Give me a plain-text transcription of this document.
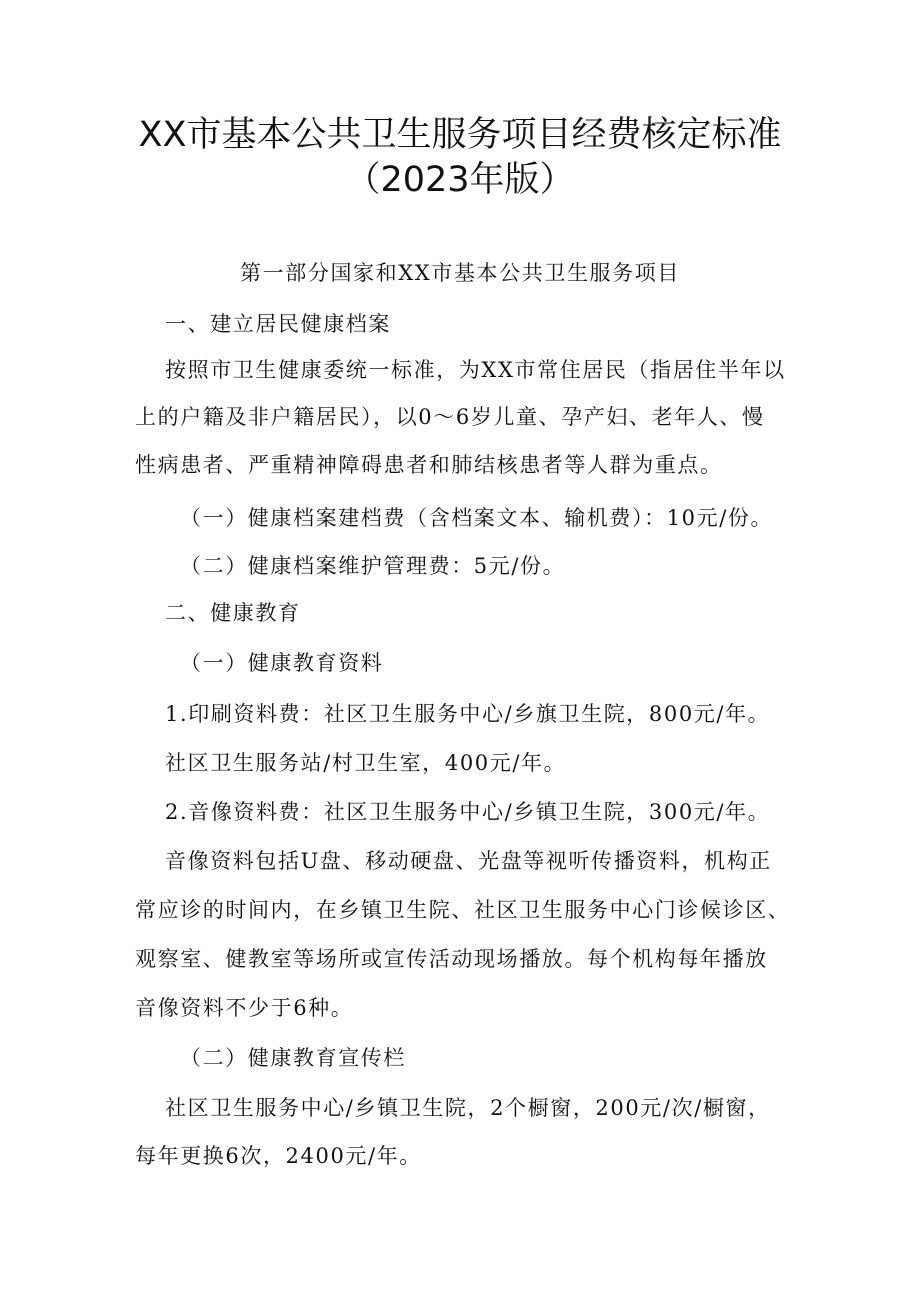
XX市基本公共卫生服务项目经费核定标准
（2023年版）
第一部分国家和XX市基本公共卫生服务项目
一、建立居民健康档案
按照市卫生健康委统一标准，为XX市常住居民（指居住半年以
上的户籍及非户籍居民），以0～6岁儿童、孕产妇、老年人、慢
性病患者、严重精神障碍患者和肺结核患者等人群为重点。
（一）健康档案建档费（含档案文本、输机费）：10元/份。
（二）健康档案维护管理费：5元/份。
二、健康教育
（一）健康教育资料
1.印刷资料费：社区卫生服务中心/乡旗卫生院，800元/年。
社区卫生服务站/村卫生室，400元/年。
2.音像资料费：社区卫生服务中心/乡镇卫生院，300元/年。
音像资料包括U盘、移动硬盘、光盘等视听传播资料，机构正
常应诊的时间内，在乡镇卫生院、社区卫生服务中心门诊候诊区、
观察室、健教室等场所或宣传活动现场播放。每个机构每年播放
音像资料不少于6种。
（二）健康教育宣传栏
社区卫生服务中心/乡镇卫生院，2个橱窗，200元/次/橱窗，
每年更换6次，2400元/年。
